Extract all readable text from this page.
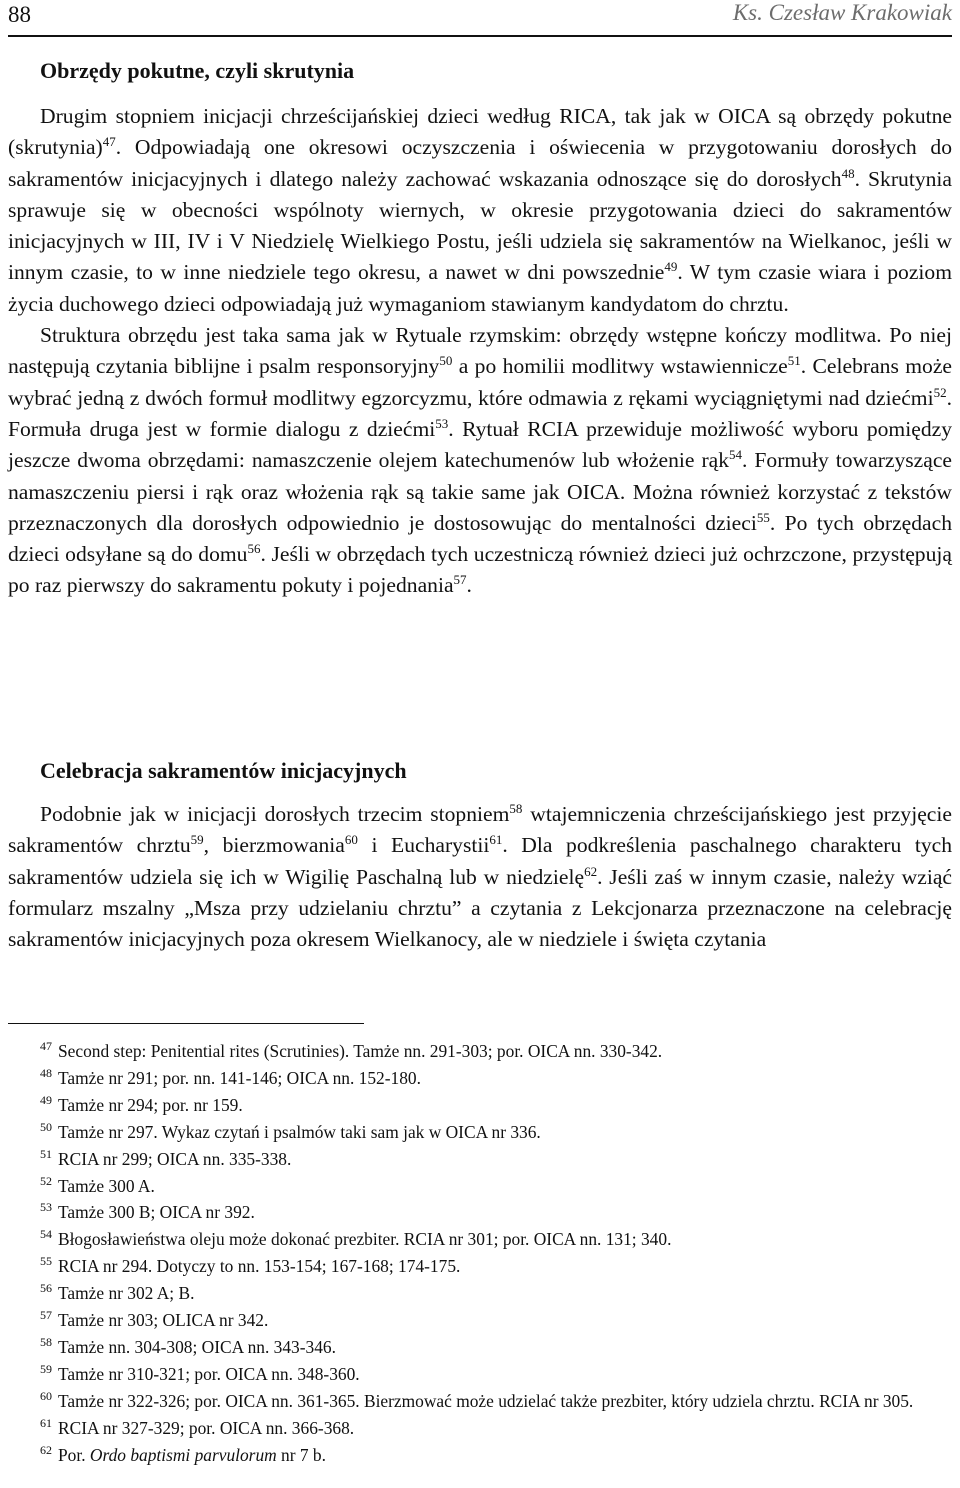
88	Ks. Czesław Krakowiak
Obrzędy pokutne, czyli skrutynia

Drugim stopniem inicjacji chrześcijańskiej dzieci według RICA, tak jak w OICA są obrzędy pokutne (skrutynia)$^{47}$. Odpowiadają one okresowi oczyszczenia i oświecenia w przygotowaniu dorosłych do sakramentów inicjacyjnych i dlatego należy zachować wskazania odnoszące się do dorosłych$^{48}$. Skrutynia sprawuje się w obecności wspólnoty wiernych, w okresie przygotowania dzieci do sakramentów inicjacyjnych w III, IV i V Niedzielę Wielkiego Postu, jeśli udziela się sakramentów na Wielkanoc, jeśli w innym czasie, to w inne niedziele tego okresu, a nawet w dni powszednie$^{49}$. W tym czasie wiara i poziom życia duchowego dzieci odpowiadają już wymaganiom stawianym kandydatom do chrztu.

Struktura obrzędu jest taka sama jak w Rytuale rzymskim: obrzędy wstępne kończy modlitwa. Po niej następują czytania biblijne i psalm responsoryjny$^{50}$ a po homilii modlitwy wstawiennicze$^{51}$. Celebrans może wybrać jedną z dwóch formuł modlitwy egzorcyzmu, które odmawia z rękami wyciągniętymi nad dziećmi$^{52}$. Formuła druga jest w formie dialogu z dziećmi$^{53}$. Rytuał RCIA przewiduje możliwość wyboru pomiędzy jeszcze dwoma obrzędami: namaszczenie olejem katechumenów lub włożenie rąk$^{54}$. Formuły towarzyszące namaszczeniu piersi i rąk oraz włożenia rąk są takie same jak OICA. Można również korzystać z tekstów przeznaczonych dla dorosłych odpowiednio je dostosowując do mentalności dzieci$^{55}$. Po tych obrzędach dzieci odsyłane są do domu$^{56}$. Jeśli w obrzędach tych uczestniczą również dzieci już ochrzczone, przystępują po raz pierwszy do sakramentu pokuty i pojednania$^{57}$.

Celebracja sakramentów inicjacyjnych

Podobnie jak w inicjacji dorosłych trzecim stopniem$^{58}$ wtajemniczenia chrześcijańskiego jest przyjęcie sakramentów chrztu$^{59}$, bierzmowania$^{60}$ i Eucharystii$^{61}$. Dla podkreślenia paschalnego charakteru tych sakramentów udziela się ich w Wigilię Paschalną lub w niedzielę$^{62}$. Jeśli zaś w innym czasie, należy wziąć formularz mszalny „Msza przy udzielaniu chrztu” a czytania z Lekcjonarza przeznaczone na celebrację sakramentów inicjacyjnych poza okresem Wielkanocy, ale w niedziele i święta czytania

$^{47}$ Second step: Penitential rites (Scrutinies). Tamże nn. 291-303; por. OICA nn. 330-342.

$^{48}$ Tamże nr 291; por. nn. 141-146; OICA nn. 152-180.

$^{49}$ Tamże nr 294; por. nr 159.

$^{50}$ Tamże nr 297. Wykaz czytań i psalmów taki sam jak w OICA nr 336.

$^{51}$ RCIA nr 299; OICA nn. 335-338.

$^{52}$ Tamże 300 A.

$^{53}$ Tamże 300 B; OICA nr 392.

$^{54}$ Błogosławieństwa oleju może dokonać prezbiter. RCIA nr 301; por. OICA nn. 131; 340.

$^{55}$ RCIA nr 294. Dotyczy to nn. 153-154; 167-168; 174-175.

$^{56}$ Tamże nr 302 A; B.

$^{57}$ Tamże nr 303; OLICA nr 342.

$^{58}$ Tamże nn. 304-308; OICA nn. 343-346.

$^{59}$ Tamże nr 310-321; por. OICA nn. 348-360.

$^{60}$ Tamże nr 322-326; por. OICA nn. 361-365. Bierzmować może udzielać także prezbiter, który udziela chrztu. RCIA nr 305.

$^{61}$ RCIA nr 327-329; por. OICA nn. 366-368.

$^{62}$ Por. Ordo baptismi parvulorum nr 7 b.
